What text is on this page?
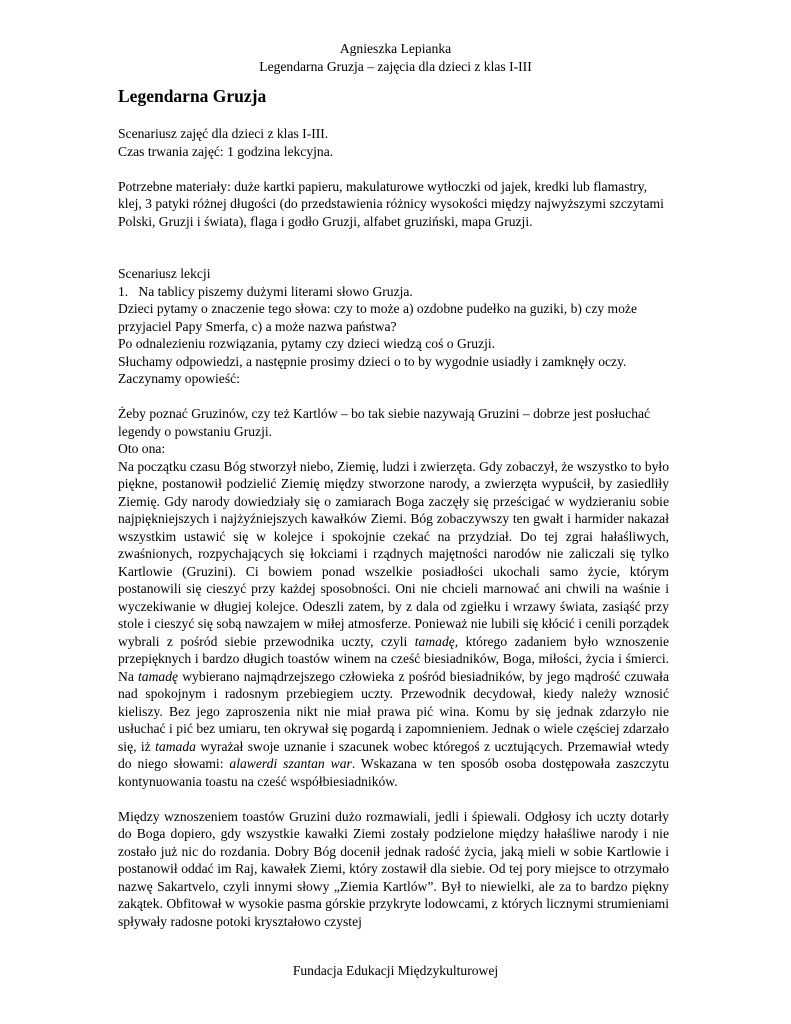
Agnieszka Lepianka
Legendarna Gruzja – zajęcia dla dzieci z klas I-III
Legendarna Gruzja

Scenariusz zajęć dla dzieci z klas I-III.

Czas trwania zajęć: 1 godzina lekcyjna.

Potrzebne materiały: duże kartki papieru, makulaturowe wytłoczki od jajek, kredki lub flamastry, klej, 3 patyki różnej długości (do przedstawienia różnicy wysokości między najwyższymi szczytami Polski, Gruzji i świata), flaga i godło Gruzji, alfabet gruziński, mapa Gruzji.

Scenariusz lekcji

1.   Na tablicy piszemy dużymi literami słowo Gruzja.

Dzieci pytamy o znaczenie tego słowa: czy to może a) ozdobne pudełko na guziki, b) czy może przyjaciel Papy Smerfa, c) a może nazwa państwa?

Po odnalezieniu rozwiązania, pytamy czy dzieci wiedzą coś o Gruzji.

Słuchamy odpowiedzi, a następnie prosimy dzieci o to by wygodnie usiadły i zamknęły oczy.

Zaczynamy opowieść:

Żeby poznać Gruzinów, czy też Kartlów – bo tak siebie nazywają Gruzini – dobrze jest posłuchać legendy o powstaniu Gruzji.

Oto ona:

Na początku czasu Bóg stworzył niebo, Ziemię, ludzi i zwierzęta. Gdy zobaczył, że wszystko to było piękne, postanowił podzielić Ziemię między stworzone narody, a zwierzęta wypuścił, by zasiedliły Ziemię. Gdy narody dowiedziały się o zamiarach Boga zaczęły się prześcigać w wydzieraniu sobie najpiękniejszych i najżyźniejszych kawałków Ziemi. Bóg zobaczywszy ten gwałt i harmider nakazał wszystkim ustawić się w kolejce i spokojnie czekać na przydział. Do tej zgrai hałaśliwych, zwaśnionych, rozpychających się łokciami i rządnych majętności narodów nie zaliczali się tylko Kartlowie (Gruzini). Ci bowiem ponad wszelkie posiadłości ukochali samo życie, którym postanowili się cieszyć przy każdej sposobności. Oni nie chcieli marnować ani chwili na waśnie i wyczekiwanie w długiej kolejce. Odeszli zatem, by z dala od zgiełku i wrzawy świata, zasiąść przy stole i cieszyć się sobą nawzajem w miłej atmosferze. Ponieważ nie lubili się kłócić i cenili porządek wybrali z pośród siebie przewodnika uczty, czyli tamadę, którego zadaniem było wznoszenie przepięknych i bardzo długich toastów winem na cześć biesiadników, Boga, miłości, życia i śmierci. Na tamadę wybierano najmądrzejszego człowieka z pośród biesiadników, by jego mądrość czuwała nad spokojnym i radosnym przebiegiem uczty. Przewodnik decydował, kiedy należy wznosić kieliszy. Bez jego zaproszenia nikt nie miał prawa pić wina. Komu by się jednak zdarzyło nie usłuchać i pić bez umiaru, ten okrywał się pogardą i zapomnieniem. Jednak o wiele częściej zdarzało się, iż tamada wyrażał swoje uznanie i szacunek wobec któregoś z ucztujących. Przemawiał wtedy do niego słowami: alawerdi szantan war. Wskazana w ten sposób osoba dostępowała zaszczytu kontynuowania toastu na cześć współbiesiadników.

Między wznoszeniem toastów Gruzini dużo rozmawiali, jedli i śpiewali. Odgłosy ich uczty dotarły do Boga dopiero, gdy wszystkie kawałki Ziemi zostały podzielone między hałaśliwe narody i nie zostało już nic do rozdania. Dobry Bóg docenił jednak radość życia, jaką mieli w sobie Kartlowie i postanowił oddać im Raj, kawałek Ziemi, który zostawił dla siebie. Od tej pory miejsce to otrzymało nazwę Sakartvelo, czyli innymi słowy „Ziemia Kartlów”. Był to niewielki, ale za to bardzo piękny zakątek. Obfitował w wysokie pasma górskie przykryte lodowcami, z których licznymi strumieniami spływały radosne potoki kryształowo czystej

Fundacja Edukacji Międzykulturowej
